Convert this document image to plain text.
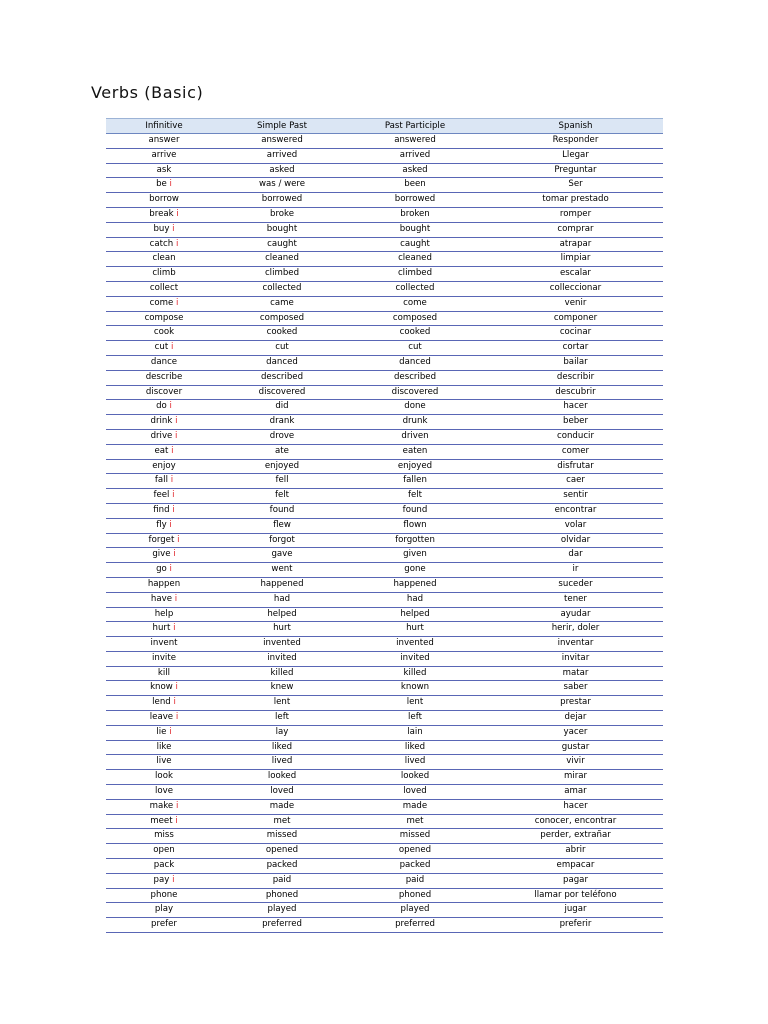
Verbs (Basic)
Infinitive	Simple Past	Past Participle	Spanish
answer	answered	answered	Responder
arrive	arrived	arrived	Llegar
ask	asked	asked	Preguntar
be i	was / were	been	Ser
borrow	borrowed	borrowed	tomar prestado
break i	broke	broken	romper
buy i	bought	bought	comprar
catch i	caught	caught	atrapar
clean	cleaned	cleaned	limpiar
climb	climbed	climbed	escalar
collect	collected	collected	colleccionar
come i	came	come	venir
compose	composed	composed	componer
cook	cooked	cooked	cocinar
cut i	cut	cut	cortar
dance	danced	danced	bailar
describe	described	described	describir
discover	discovered	discovered	descubrir
do i	did	done	hacer
drink i	drank	drunk	beber
drive i	drove	driven	conducir
eat i	ate	eaten	comer
enjoy	enjoyed	enjoyed	disfrutar
fall i	fell	fallen	caer
feel i	felt	felt	sentir
find i	found	found	encontrar
fly i	flew	flown	volar
forget i	forgot	forgotten	olvidar
give i	gave	given	dar
go i	went	gone	ir
happen	happened	happened	suceder
have i	had	had	tener
help	helped	helped	ayudar
hurt i	hurt	hurt	herir, doler
invent	invented	invented	inventar
invite	invited	invited	invitar
kill	killed	killed	matar
know i	knew	known	saber
lend i	lent	lent	prestar
leave i	left	left	dejar
lie i	lay	lain	yacer
like	liked	liked	gustar
live	lived	lived	vivir
look	looked	looked	mirar
love	loved	loved	amar
make i	made	made	hacer
meet i	met	met	conocer, encontrar
miss	missed	missed	perder, extrañar
open	opened	opened	abrir
pack	packed	packed	empacar
pay i	paid	paid	pagar
phone	phoned	phoned	llamar por teléfono
play	played	played	jugar
prefer	preferred	preferred	preferir
